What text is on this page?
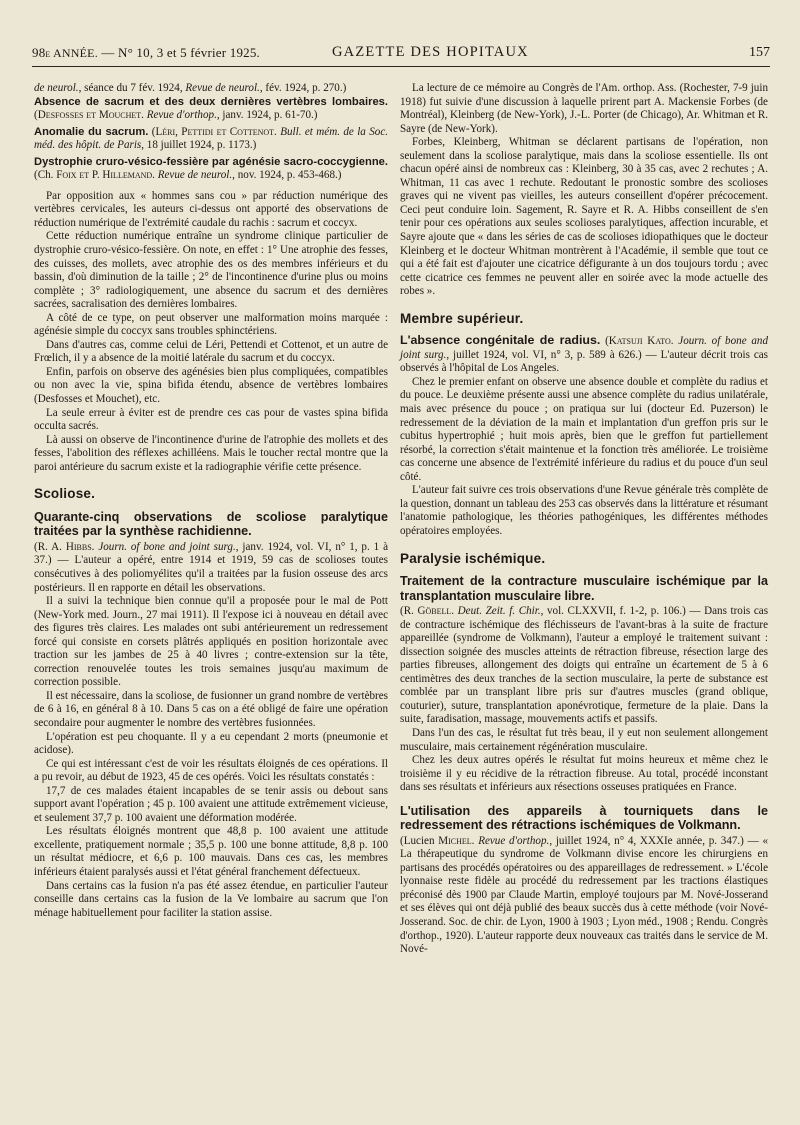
98e ANNÉE. — N° 10, 3 et 5 février 1925.	GAZETTE DES HOPITAUX	157

de neurol., séance du 7 fév. 1924, Revue de neurol., fév. 1924, p. 270.)

Absence de sacrum et des deux dernières vertèbres lombaires. (Desfosses et Mouchet. Revue d'orthop., janv. 1924, p. 61-70.)

Anomalie du sacrum. (Léri, Pettidi et Cottenot. Bull. et mém. de la Soc. méd. des hôpit. de Paris, 18 juillet 1924, p. 1173.)

Dystrophie cruro-vésico-fessière par agénésie sacro-coccygienne. (Ch. Foix et P. Hillemand. Revue de neurol., nov. 1924, p. 453-468.)

Par opposition aux « hommes sans cou » par réduction numérique des vertèbres cervicales, les auteurs ci-dessus ont apporté des observations de réduction numérique de l'extrémité caudale du rachis : sacrum et coccyx.

Cette réduction numérique entraîne un syndrome clinique particulier de dystrophie cruro-vésico-fessière. On note, en effet : 1° Une atrophie des fesses, des cuisses, des mollets, avec atrophie des os des membres inférieurs et du bassin, d'où diminution de la taille ; 2° de l'incontinence d'urine plus ou moins complète ; 3° radiologiquement, une absence du sacrum et des dernières sacrées, sacralisation des dernières lombaires.

A côté de ce type, on peut observer une malformation moins marquée : agénésie simple du coccyx sans troubles sphinctériens.

Dans d'autres cas, comme celui de Léri, Pettendi et Cottenot, et un autre de Frœlich, il y a absence de la moitié latérale du sacrum et du coccyx.

Enfin, parfois on observe des agénésies bien plus compliquées, compatibles ou non avec la vie, spina bifida étendu, absence de vertèbres lombaires (Desfosses et Mouchet), etc.

La seule erreur à éviter est de prendre ces cas pour de vastes spina bifida occulta sacrés.

Là aussi on observe de l'incontinence d'urine de l'atrophie des mollets et des fesses, l'abolition des réflexes achilléens. Mais le toucher rectal montre que la paroi antérieure du sacrum existe et la radiographie vérifie cette présence.

Scoliose.
Quarante-cinq observations de scoliose paralytique traitées par la synthèse rachidienne.

(R. A. Hibbs. Journ. of bone and joint surg., janv. 1924, vol. VI, n° 1, p. 1 à 37.) — L'auteur a opéré, entre 1914 et 1919, 59 cas de scolioses toutes consécutives à des poliomyélites qu'il a traitées par la fusion osseuse des arcs postérieurs. Il en rapporte en détail les observations.

Il a suivi la technique bien connue qu'il a proposée pour le mal de Pott (New-York med. Journ., 27 mai 1911). Il l'expose ici à nouveau en détail avec des figures très claires. Les malades ont subi antérieurement un redressement forcé qui consiste en corsets plâtrés appliqués en position horizontale avec traction sur les jambes de 25 à 40 livres ; contre-extension sur la tête, correction renouvelée toutes les trois semaines jusqu'au maximum de correction possible.

Il est nécessaire, dans la scoliose, de fusionner un grand nombre de vertèbres de 6 à 16, en général 8 à 10. Dans 5 cas on a été obligé de faire une opération secondaire pour augmenter le nombre des vertèbres fusionnées.

L'opération est peu choquante. Il y a eu cependant 2 morts (pneumonie et acidose).

Ce qui est intéressant c'est de voir les résultats éloignés de ces opérations. Il a pu revoir, au début de 1923, 45 de ces opérés. Voici les résultats constatés :

17,7 de ces malades étaient incapables de se tenir assis ou debout sans support avant l'opération ; 45 p. 100 avaient une attitude extrêmement vicieuse, et seulement 37,7 p. 100 avaient une déformation modérée.

Les résultats éloignés montrent que 48,8 p. 100 avaient une attitude excellente, pratiquement normale ; 35,5 p. 100 une bonne attitude, 8,8 p. 100 un résultat médiocre, et 6,6 p. 100 mauvais. Dans ces cas, les membres inférieurs étaient paralysés aussi et l'état général franchement défectueux.

Dans certains cas la fusion n'a pas été assez étendue, en particulier l'auteur conseille dans certains cas la fusion de la Ve lombaire au sacrum que l'on ménage habituellement pour faciliter la station assise.

La lecture de ce mémoire au Congrès de l'Am. orthop. Ass. (Rochester, 7-9 juin 1918) fut suivie d'une discussion à laquelle prirent part A. Mackensie Forbes (de Montréal), Kleinberg (de New-York), J.-L. Porter (de Chicago), Ar. Whitman et R. Sayre (de New-York).

Forbes, Kleinberg, Whitman se déclarent partisans de l'opération, non seulement dans la scoliose paralytique, mais dans la scoliose essentielle. Ils ont chacun opéré ainsi de nombreux cas : Kleinberg, 30 à 35 cas, avec 2 rechutes ; A. Whitman, 11 cas avec 1 rechute. Redoutant le pronostic sombre des scolioses graves qui ne vivent pas vieilles, les auteurs conseillent d'opérer précocement. Ceci peut conduire loin. Sagement, R. Sayre et R. A. Hibbs conseillent de s'en tenir pour ces opérations aux seules scolioses paralytiques, affection incurable, et Sayre ajoute que « dans les séries de cas de scolioses idiopathiques que le docteur Kleinberg et le docteur Whitman montrèrent à l'Académie, il semble que tout ce qui a été fait est d'ajouter une cicatrice défigurante à un dos toujours tordu ; avec cette cicatrice ces femmes ne peuvent aller en soirée avec la mode actuelle des robes ».

Membre supérieur.

L'absence congénitale de radius. (Katsuji Kato. Journ. of bone and joint surg., juillet 1924, vol. VI, n° 3, p. 589 à 626.) — L'auteur décrit trois cas observés à l'hôpital de Los Angeles.

Chez le premier enfant on observe une absence double et complète du radius et du pouce. Le deuxième présente aussi une absence complète du radius unilatérale, mais avec présence du pouce ; on pratiqua sur lui (docteur Ed. Puzerson) le redressement de la déviation de la main et implantation d'un greffon pris sur le cubitus hypertrophié ; huit mois après, bien que le greffon fut partiellement résorbé, la correction s'était maintenue et la fonction très améliorée. Le troisième cas concerne une absence de l'extrémité inférieure du radius et du pouce d'un seul côté.

L'auteur fait suivre ces trois observations d'une Revue générale très complète de la question, donnant un tableau des 253 cas observés dans la littérature et résumant l'anatomie pathologique, les théories pathogéniques, les différentes méthodes opératoires employées.

Paralysie ischémique.
Traitement de la contracture musculaire ischémique par la transplantation musculaire libre.

(R. Göbell. Deut. Zeit. f. Chir., vol. CLXXVII, f. 1-2, p. 106.) — Dans trois cas de contracture ischémique des fléchisseurs de l'avant-bras à la suite de fracture appareillée (syndrome de Volkmann), l'auteur a employé le traitement suivant : dissection soignée des muscles atteints de rétraction fibreuse, résection large des parties fibreuses, allongement des doigts qui entraîne un écartement de 5 à 6 centimètres des deux tranches de la section musculaire, la perte de substance est comblée par un transplant libre pris sur d'autres muscles (grand oblique, couturier), suture, transplantation aponévrotique, fermeture de la plaie. Dans la suite, faradisation, massage, mouvements actifs et passifs.

Dans l'un des cas, le résultat fut très beau, il y eut non seulement allongement musculaire, mais certainement régénération musculaire.

Chez les deux autres opérés le résultat fut moins heureux et même chez le troisième il y eu récidive de la rétraction fibreuse. Au total, procédé inconstant dans ses résultats et inférieurs aux résections osseuses pratiquées en France.

L'utilisation des appareils à tourniquets dans le redressement des rétractions ischémiques de Volkmann.

(Lucien Michel. Revue d'orthop., juillet 1924, n° 4, XXXIe année, p. 347.) — « La thérapeutique du syndrome de Volkmann divise encore les chirurgiens en partisans des procédés opératoires ou des appareillages de redressement. » L'école lyonnaise reste fidèle au procédé du redressement par les tractions élastiques préconisé dès 1900 par Claude Martin, employé toujours par M. Nové-Josserand et ses élèves qui ont déjà publié des beaux succès dus à cette méthode (voir Nové-Josserand. Soc. de chir. de Lyon, 1900 à 1903 ; Lyon méd., 1908 ; Rendu. Congrès d'orthop., 1920). L'auteur rapporte deux nouveaux cas traités dans le service de M. Nové-
